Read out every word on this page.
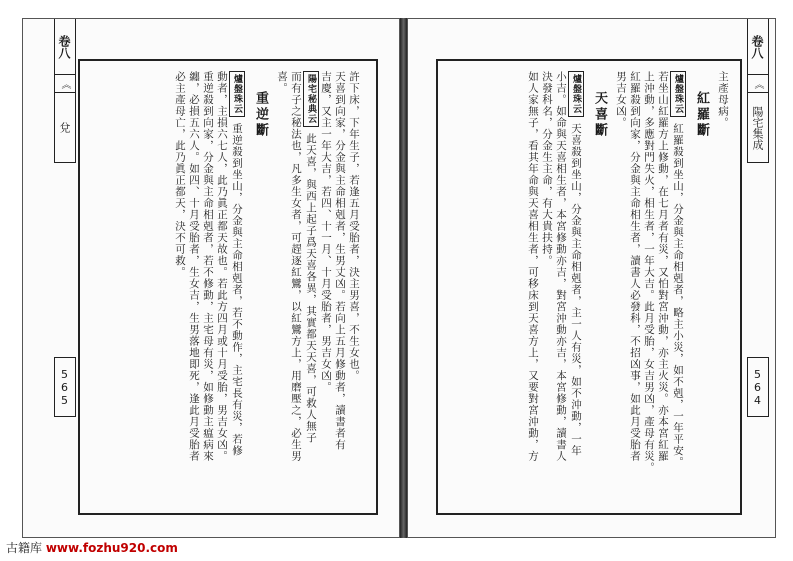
卷八
《
兌
565
許下床，下年生子，若逢五月受胎者，決主男喜，不生女也。
天喜到向家，分金與主命相剋者，生男丈凶。若向上五月修動者，讀書者有
吉慶，又主一年大吉，若四、十一月、十月受胎者，男吉女凶。
陽宅秘典云此天喜，與西上起子爲天喜各異，其實都天天喜，可救人無子
而有子之秘法也，凡多生女者，可趕逐紅鸞，以紅鸞方上，用磨壓之，必生男
喜。
重逆斷
爐盤珠云重逆殺到坐山，分金與主命相剋者，若不動作，主宅長有災，若修
動者，主損六七人，此乃眞正都天故也。若此方四月或十月受胎，男吉女凶。
重逆殺到向家，分金與主命相剋者，若不修動，主宅母有災，如修動主瘟病來
纏，必損五六人。如四、十月受胎者，生女吉，生男落地即死，逢此月受胎者
必主產母亡，此乃眞正都天，決不可救。
卷八
《
陽宅集成
564
主產母病。
紅羅斷
爐盤珠云紅羅殺到坐山，分金與主命相剋者，略主小災，如不剋，一年平安。
若坐山紅羅方上修動，在七月者有災，又怕對宮沖動，亦主火災。亦本宮紅羅
上沖動，多應對門失火，相生者，一年大吉。此月受胎，女吉男凶，產母有災。
紅羅殺到向家，分金與主命相生者，讀書人必發科，不招凶事，如此月受胎者
男吉女凶。
天喜斷
爐盤珠云天喜殺到坐山，分金與主命相剋者，主一人有災，如不沖動，一年
小吉。如命與天喜相生者，本宮修動亦吉，對宮沖動亦吉，本宮修動，讀書人
決發科名，分金生主命，有大貴扶持。
如人家無子，看其年命與天喜相生者，可移床到天喜方上，又要對宮沖動，方
古籍库 www.fozhu920.com
